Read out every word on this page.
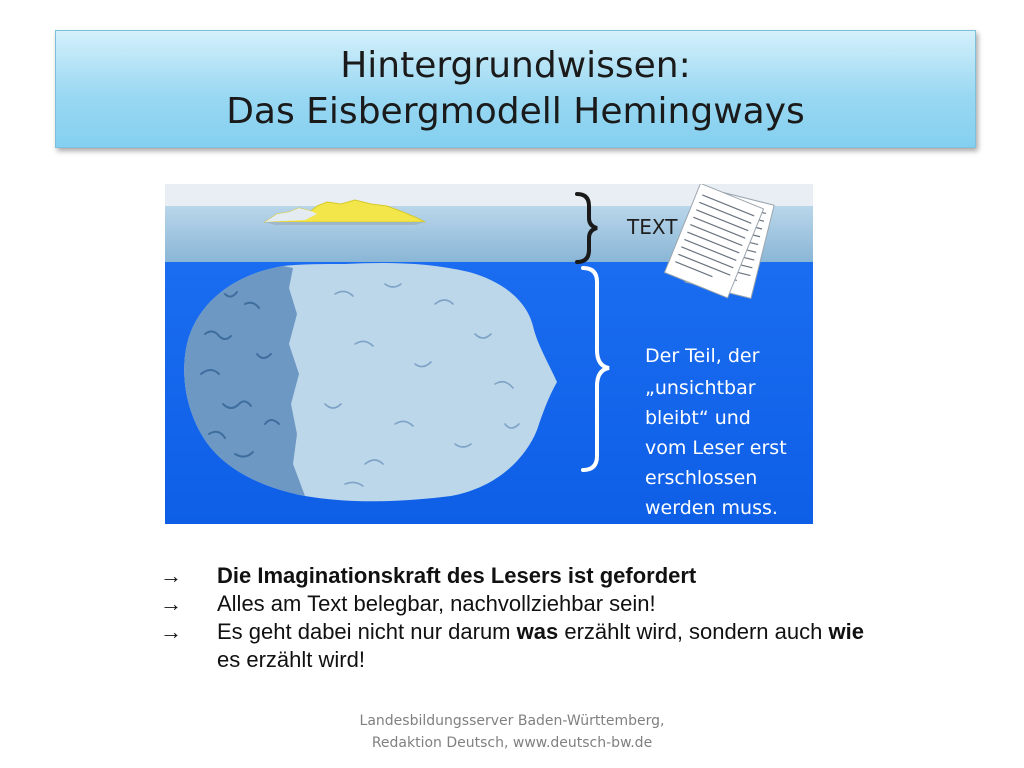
Hintergrundwissen:
Das Eisbergmodell Hemingways
TEXT
Der Teil, der
„unsichtbar
bleibt“ und
vom Leser erst
erschlossen
werden muss.
→ Die Imaginationskraft des Lesers ist gefordert
→ Alles am Text belegbar, nachvollziehbar sein!
→ Es geht dabei nicht nur darum was erzählt wird, sondern auch wie es erzählt wird!
Landesbildungsserver Baden-Württemberg,
Redaktion Deutsch, www.deutsch-bw.de
